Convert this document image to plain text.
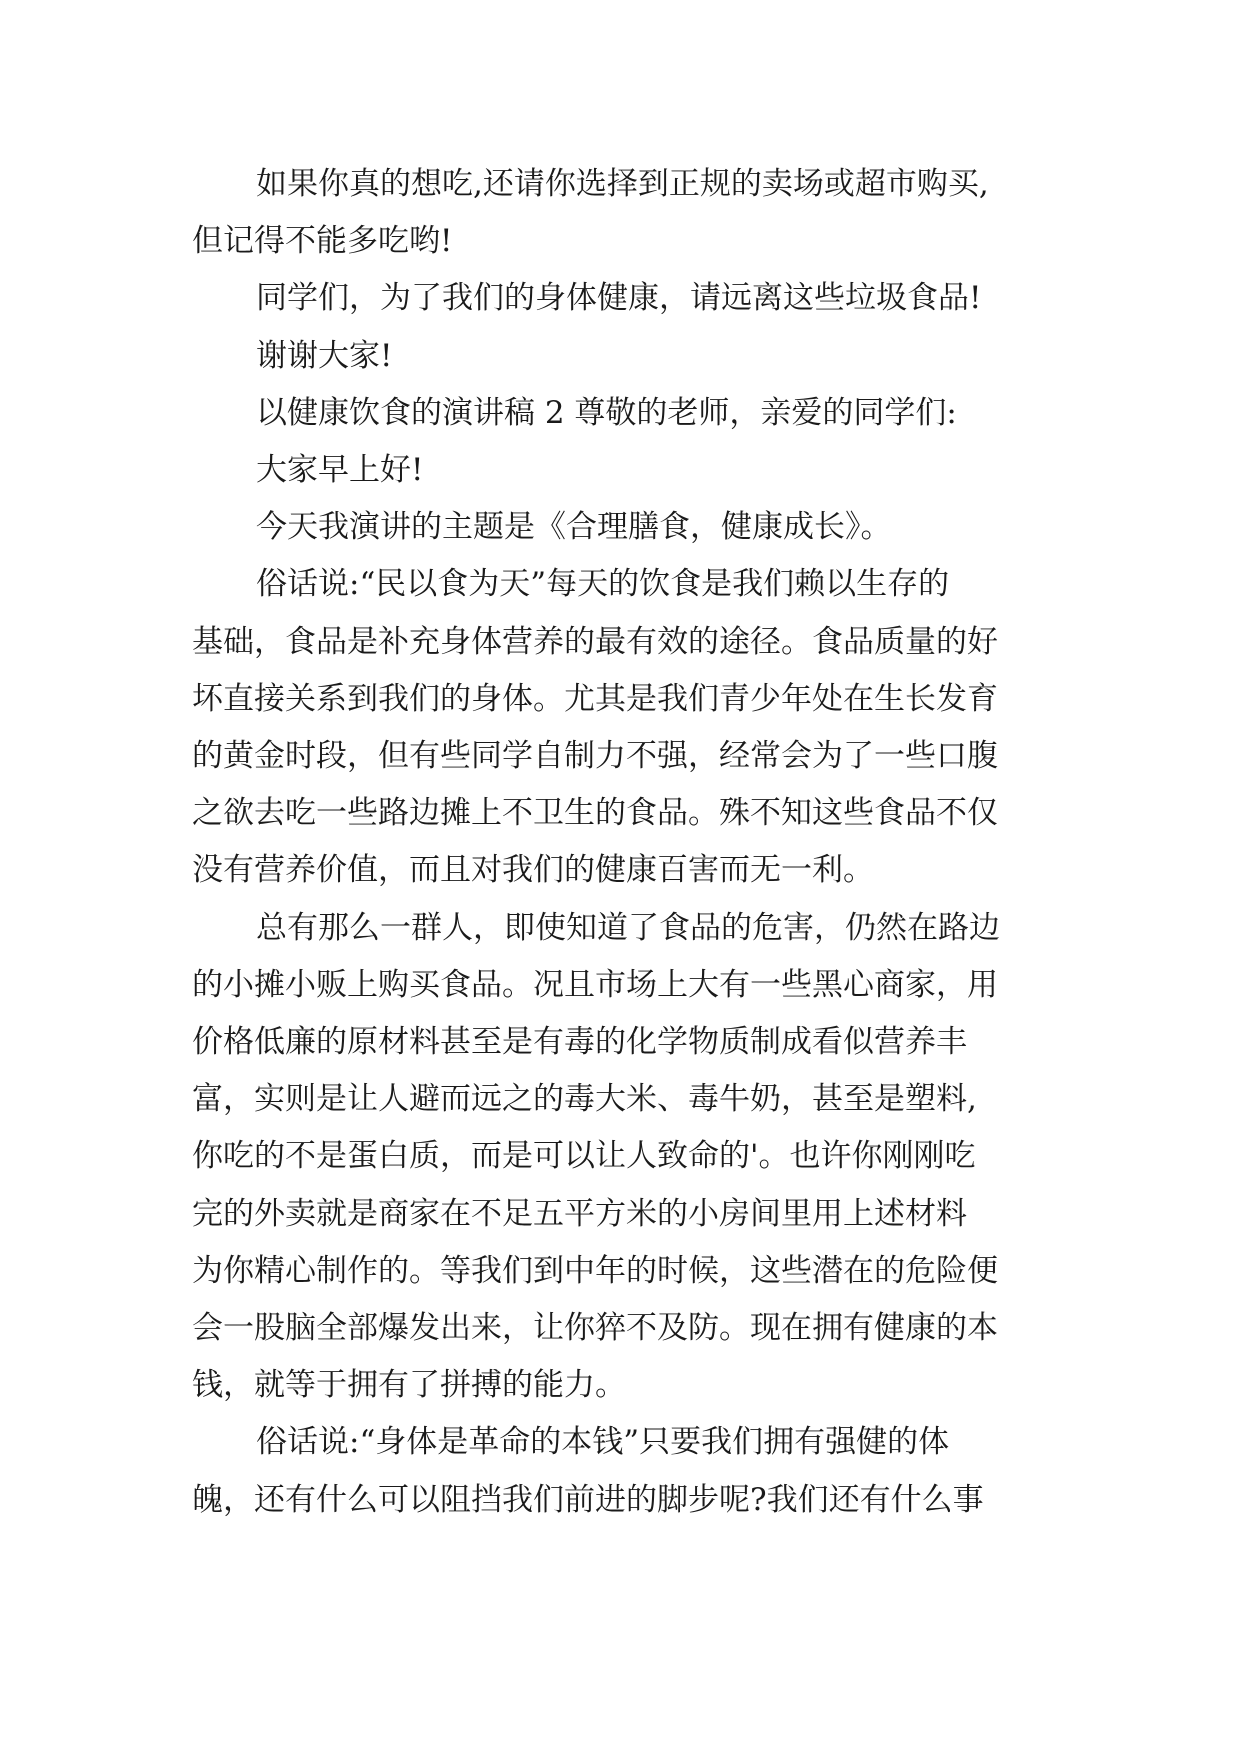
如果你真的想吃,还请你选择到正规的卖场或超市购买,
但记得不能多吃哟!
同学们，为了我们的身体健康，请远离这些垃圾食品!
谢谢大家!
以健康饮食的演讲稿 2 尊敬的老师，亲爱的同学们:
大家早上好!
今天我演讲的主题是《合理膳食，健康成长》。
俗话说:“民以食为天”每天的饮食是我们赖以生存的
基础，食品是补充身体营养的最有效的途径。食品质量的好
坏直接关系到我们的身体。尤其是我们青少年处在生长发育
的黄金时段，但有些同学自制力不强，经常会为了一些口腹
之欲去吃一些路边摊上不卫生的食品。殊不知这些食品不仅
没有营养价值，而且对我们的健康百害而无一利。
总有那么一群人，即使知道了食品的危害，仍然在路边
的小摊小贩上购买食品。况且市场上大有一些黑心商家，用
价格低廉的原材料甚至是有毒的化学物质制成看似营养丰
富，实则是让人避而远之的毒大米、毒牛奶，甚至是塑料,
你吃的不是蛋白质，而是可以让人致命的'。也许你刚刚吃
完的外卖就是商家在不足五平方米的小房间里用上述材料
为你精心制作的。等我们到中年的时候，这些潜在的危险便
会一股脑全部爆发出来，让你猝不及防。现在拥有健康的本
钱，就等于拥有了拼搏的能力。
俗话说:“身体是革命的本钱”只要我们拥有强健的体
魄，还有什么可以阻挡我们前进的脚步呢?我们还有什么事
